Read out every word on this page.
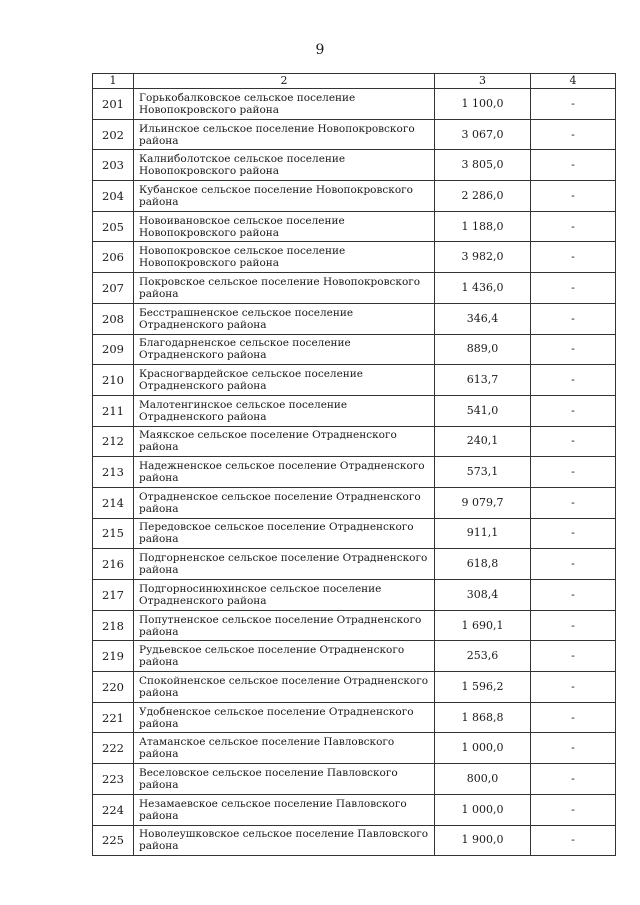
9
1	2	3	4
201	Горькобалковское сельское поселение Новопокровского района	1 100,0	-
202	Ильинское сельское поселение Новопокровского района	3 067,0	-
203	Калниболотское сельское поселение Новопокровского района	3 805,0	-
204	Кубанское сельское поселение Новопокровского района	2 286,0	-
205	Новоивановское сельское поселение Новопокровского района	1 188,0	-
206	Новопокровское сельское поселение Новопокровского района	3 982,0	-
207	Покровское сельское поселение Новопокровского района	1 436,0	-
208	Бесстрашненское сельское поселение Отрадненского района	346,4	-
209	Благодарненское сельское поселение Отрадненского района	889,0	-
210	Красногвардейское сельское поселение Отрадненского района	613,7	-
211	Малотенгинское сельское поселение Отрадненского района	541,0	-
212	Маякское сельское поселение Отрадненского района	240,1	-
213	Надежненское сельское поселение Отрадненского района	573,1	-
214	Отрадненское сельское поселение Отрадненского района	9 079,7	-
215	Передовское сельское поселение Отрадненского района	911,1	-
216	Подгорненское сельское поселение Отрадненского района	618,8	-
217	Подгорносинюхинское сельское поселение Отрадненского района	308,4	-
218	Попутненское сельское поселение Отрадненского района	1 690,1	-
219	Рудьевское сельское поселение Отрадненского района	253,6	-
220	Спокойненское сельское поселение Отрадненского района	1 596,2	-
221	Удобненское сельское поселение Отрадненского района	1 868,8	-
222	Атаманское сельское поселение Павловского района	1 000,0	-
223	Веселовское сельское поселение Павловского района	800,0	-
224	Незамаевское сельское поселение Павловского района	1 000,0	-
225	Новолеушковское сельское поселение Павловского района	1 900,0	-
